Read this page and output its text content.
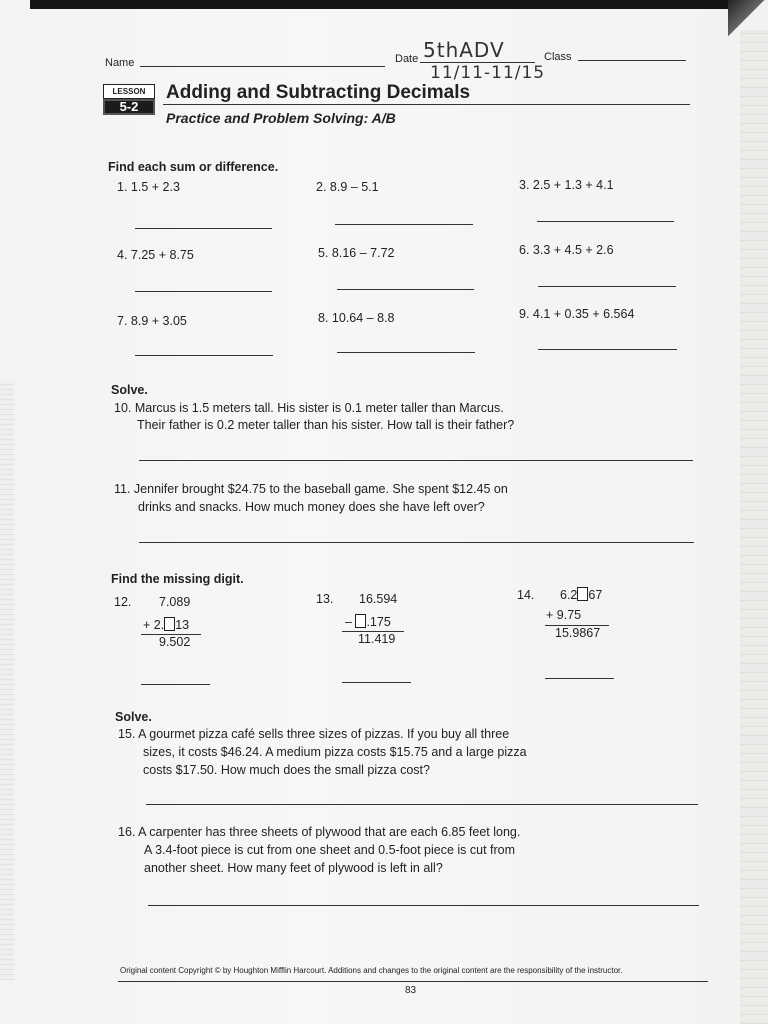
Name	Date 5thADV
11/11-11/15
Class
LESSON
5-2
Adding and Subtracting Decimals
Practice and Problem Solving: A/B
Find each sum or difference.
1. 1.5 + 2.3	2. 8.9 – 5.1	3. 2.5 + 1.3 + 4.1
4. 7.25 + 8.75	5. 8.16 – 7.72	6. 3.3 + 4.5 + 2.6
7. 8.9 + 3.05	8. 10.64 – 8.8	9. 4.1 + 0.35 + 6.564
Solve.
10. Marcus is 1.5 meters tall. His sister is 0.1 meter taller than Marcus.
Their father is 0.2 meter taller than his sister. How tall is their father?
11. Jennifer brought $24.75 to the baseball game. She spent $12.45 on
drinks and snacks. How much money does she have left over?
Find the missing digit.
12. 7.089
+ 2. 13
9.502
13. 16.594
– .175
11.419
14. 6.2 67
+ 9.75
15.9867
Solve.
15. A gourmet pizza café sells three sizes of pizzas. If you buy all three
sizes, it costs $46.24. A medium pizza costs $15.75 and a large pizza
costs $17.50. How much does the small pizza cost?
16. A carpenter has three sheets of plywood that are each 6.85 feet long.
A 3.4-foot piece is cut from one sheet and 0.5-foot piece is cut from
another sheet. How many feet of plywood is left in all?
Original content Copyright © by Houghton Mifflin Harcourt. Additions and changes to the original content are the responsibility of the instructor.
83
